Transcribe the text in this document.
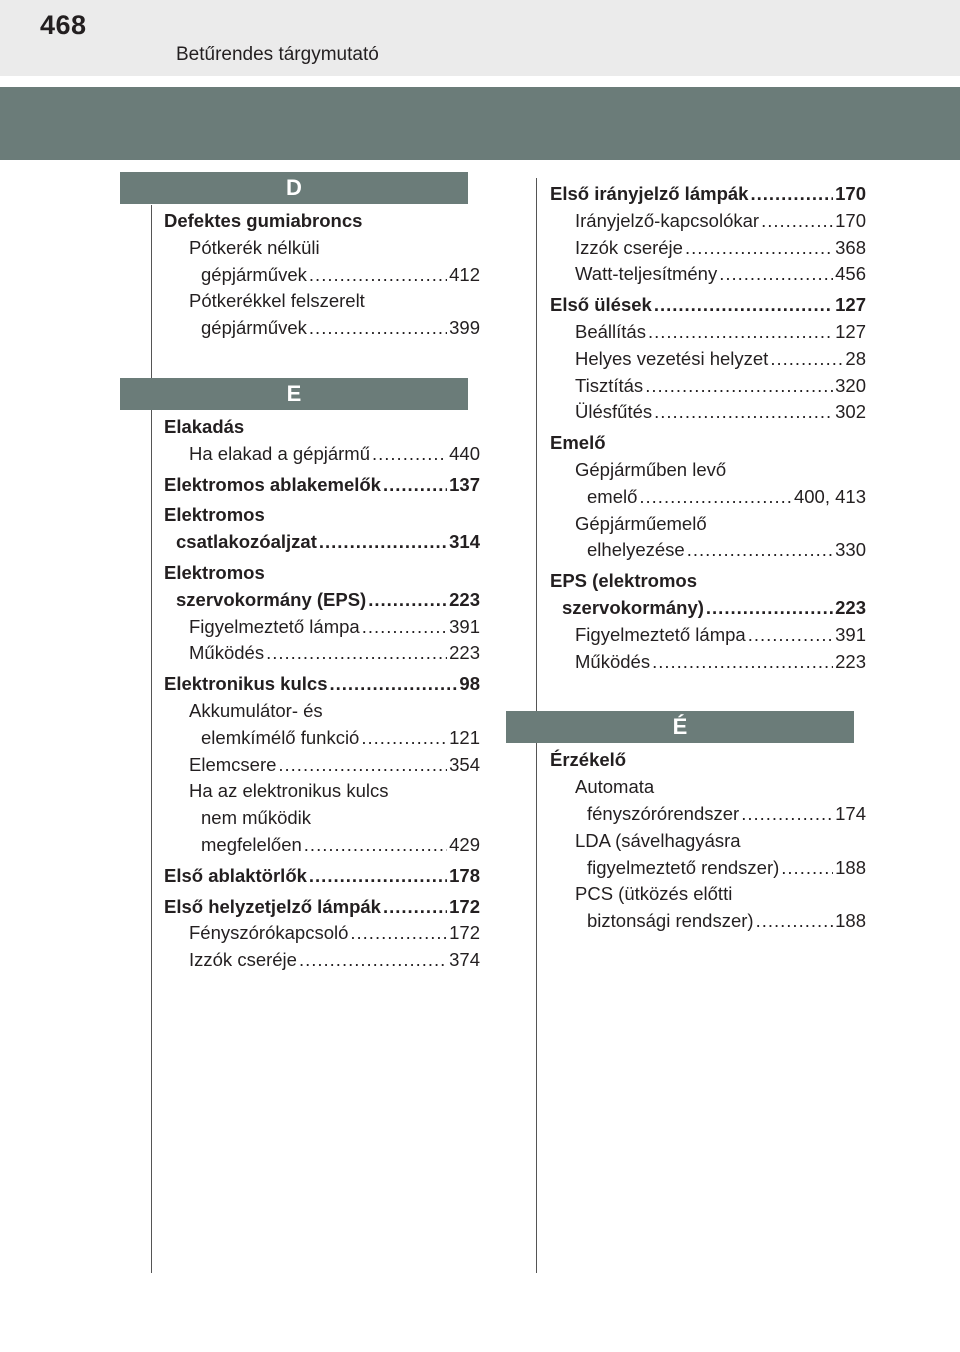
468
Betűrendes tárgymutató
D
Defektes gumiabroncs
Pótkerék nélküli
gépjárművek .....	412
Pótkerékkel felszerelt
gépjárművek .....	399
E
Elakadás
Ha elakad a gépjármű .....	440
Elektromos ablakemelők .....	137
Elektromos
csatlakozóaljzat .....	314
Elektromos
szervokormány (EPS) .....	223
Figyelmeztető lámpa .....	391
Működés .....	223
Elektronikus kulcs .....	98
Akkumulátor- és
elemkímélő funkció .....	121
Elemcsere .....	354
Ha az elektronikus kulcs
nem működik
megfelelően .....	429
Első ablaktörlők .....	178
Első helyzetjelző lámpák .....	172
Fényszórókapcsoló .....	172
Izzók cseréje .....	374
Első irányjelző lámpák .....	170
Irányjelző-kapcsolókar .....	170
Izzók cseréje .....	368
Watt-teljesítmény .....	456
Első ülések .....	127
Beállítás .....	127
Helyes vezetési helyzet .....	28
Tisztítás .....	320
Ülésfűtés .....	302
Emelő
Gépjárműben levő
emelő .....	400, 413
Gépjárműemelő
elhelyezése .....	330
EPS (elektromos
szervokormány) .....	223
Figyelmeztető lámpa .....	391
Működés .....	223
É
Érzékelő
Automata
fényszórórendszer .....	174
LDA (sávelhagyásra
figyelmeztető rendszer) .....	188
PCS (ütközés előtti
biztonsági rendszer) .....	188
